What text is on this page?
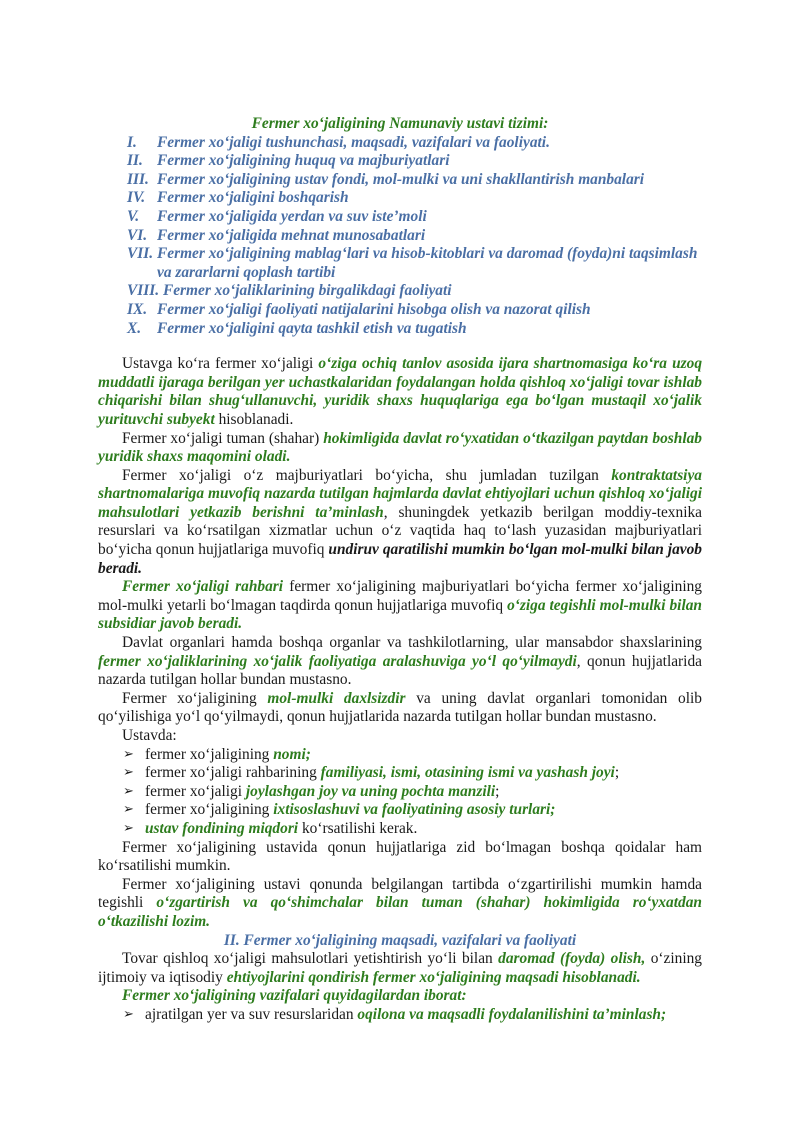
Fermer xo‘jaligining Namunaviy ustavi tizimi:
I. Fermer xo‘jaligi tushunchasi, maqsadi, vazifalari va faoliyati.
II. Fermer xo‘jaligining huquq va majburiyatlari
III. Fermer xo‘jaligining ustav fondi, mol-mulki va uni shakllantirish manbalari
IV. Fermer xo‘jaligini boshqarish
V. Fermer xo‘jaligida yerdan va suv iste’moli
VI. Fermer xo‘jaligida mehnat munosabatlari
VII. Fermer xo‘jaligining mablag‘lari va hisob-kitoblari va daromad (foyda)ni taqsimlash va zararlarni qoplash tartibi
VIII. Fermer xo‘jaliklarining birgalikdagi faoliyati
IX. Fermer xo‘jaligi faoliyati natijalarini hisobga olish va nazorat qilish
X. Fermer xo‘jaligini qayta tashkil etish va tugatish

Ustavga ko‘ra fermer xo‘jaligi o‘ziga ochiq tanlov asosida ijara shartnomasiga ko‘ra uzoq muddatli ijaraga berilgan yer uchastkalaridan foydalangan holda qishloq xo‘jaligi tovar ishlab chiqarishi bilan shug‘ullanuvchi, yuridik shaxs huquqlariga ega bo‘lgan mustaqil xo‘jalik yurituvchi subyekt hisoblanadi.

Fermer xo‘jaligi tuman (shahar) hokimligida davlat ro‘yxatidan o‘tkazilgan paytdan boshlab yuridik shaxs maqomini oladi.

Fermer xo‘jaligi o‘z majburiyatlari bo‘yicha, shu jumladan tuzilgan kontraktatsiya shartnomalariga muvofiq nazarda tutilgan hajmlarda davlat ehtiyojlari uchun qishloq xo‘jaligi mahsulotlari yetkazib berishni ta’minlash, shuningdek yetkazib berilgan moddiy-texnika resurslari va ko‘rsatilgan xizmatlar uchun o‘z vaqtida haq to‘lash yuzasidan majburiyatlari bo‘yicha qonun hujjatlariga muvofiq undiruv qaratilishi mumkin bo‘lgan mol-mulki bilan javob beradi.

Fermer xo‘jaligi rahbari fermer xo‘jaligining majburiyatlari bo‘yicha fermer xo‘jaligining mol-mulki yetarli bo‘lmagan taqdirda qonun hujjatlariga muvofiq o‘ziga tegishli mol-mulki bilan subsidiar javob beradi.

Davlat organlari hamda boshqa organlar va tashkilotlarning, ular mansabdor shaxslarining fermer xo‘jaliklarining xo‘jalik faoliyatiga aralashuviga yo‘l qo‘yilmaydi, qonun hujjatlarida nazarda tutilgan hollar bundan mustasno.

Fermer xo‘jaligining mol-mulki daxlsizdir va uning davlat organlari tomonidan olib qo‘yilishiga yo‘l qo‘yilmaydi, qonun hujjatlarida nazarda tutilgan hollar bundan mustasno.

Ustavda:

➢ fermer xo‘jaligining nomi;
➢ fermer xo‘jaligi rahbarining familiyasi, ismi, otasining ismi va yashash joyi;
➢ fermer xo‘jaligi joylashgan joy va uning pochta manzili;
➢ fermer xo‘jaligining ixtisoslashuvi va faoliyatining asosiy turlari;
➢ ustav fondining miqdori ko‘rsatilishi kerak.

Fermer xo‘jaligining ustavida qonun hujjatlariga zid bo‘lmagan boshqa qoidalar ham ko‘rsatilishi mumkin.

Fermer xo‘jaligining ustavi qonunda belgilangan tartibda o‘zgartirilishi mumkin hamda tegishli o‘zgartirish va qo‘shimchalar bilan tuman (shahar) hokimligida ro‘yxatdan o‘tkazilishi lozim.

II. Fermer xo‘jaligining maqsadi, vazifalari va faoliyati

Tovar qishloq xo‘jaligi mahsulotlari yetishtirish yo‘li bilan daromad (foyda) olish, o‘zining ijtimoiy va iqtisodiy ehtiyojlarini qondirish fermer xo‘jaligining maqsadi hisoblanadi.

Fermer xo‘jaligining vazifalari quyidagilardan iborat:

➢ ajratilgan yer va suv resurslaridan oqilona va maqsadli foydalanilishini ta’minlash;
